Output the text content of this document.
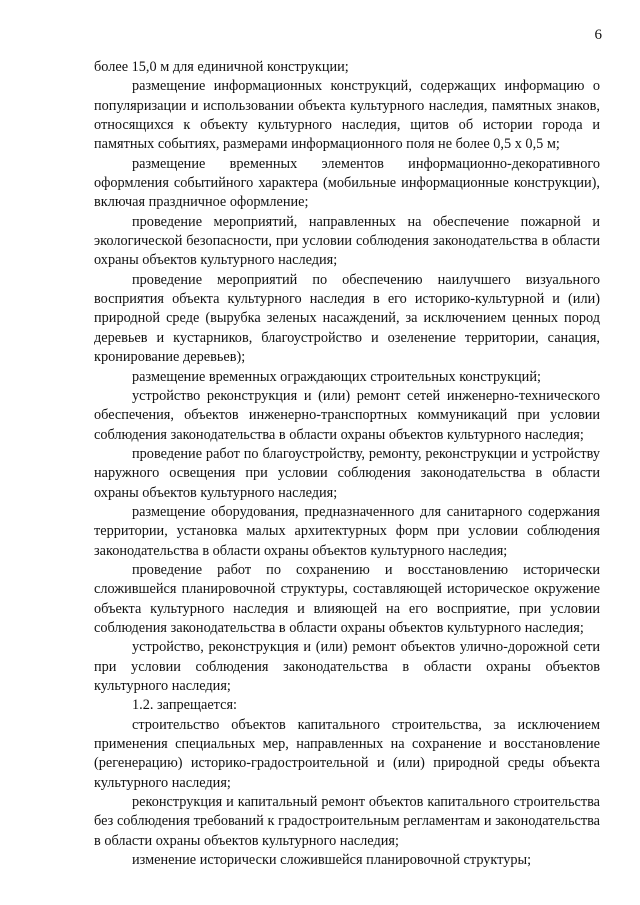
6

более 15,0 м для единичной конструкции;

размещение информационных конструкций, содержащих информацию о популяризации и использовании объекта культурного наследия, памятных знаков, относящихся к объекту культурного наследия, щитов об истории города и памятных событиях, размерами информационного поля не более 0,5 х 0,5 м;

размещение временных элементов информационно-декоративного оформления событийного характера (мобильные информационные конструкции), включая праздничное оформление;

проведение мероприятий, направленных на обеспечение пожарной и экологической безопасности, при условии соблюдения законодательства в области охраны объектов культурного наследия;

проведение мероприятий по обеспечению наилучшего визуального восприятия объекта культурного наследия в его историко-культурной и (или) природной среде (вырубка зеленых насаждений, за исключением ценных пород деревьев и кустарников, благоустройство и озеленение территории, санация, кронирование деревьев);

размещение временных ограждающих строительных конструкций;

устройство реконструкция и (или) ремонт сетей инженерно-технического обеспечения, объектов инженерно-транспортных коммуникаций при условии соблюдения законодательства в области охраны объектов культурного наследия;

проведение работ по благоустройству, ремонту, реконструкции и устройству наружного освещения при условии соблюдения законодательства в области охраны объектов культурного наследия;

размещение оборудования, предназначенного для санитарного содержания территории, установка малых архитектурных форм при условии соблюдения законодательства в области охраны объектов культурного наследия;

проведение работ по сохранению и восстановлению исторически сложившейся планировочной структуры, составляющей историческое окружение объекта культурного наследия и влияющей на его восприятие, при условии соблюдения законодательства в области охраны объектов культурного наследия;

устройство, реконструкция и (или) ремонт объектов улично-дорожной сети при условии соблюдения законодательства в области охраны объектов культурного наследия;

1.2. запрещается:

строительство объектов капитального строительства, за исключением применения специальных мер, направленных на сохранение и восстановление (регенерацию) историко-градостроительной и (или) природной среды объекта культурного наследия;

реконструкция и капитальный ремонт объектов капитального строительства без соблюдения требований к градостроительным регламентам и законодательства в области охраны объектов культурного наследия;

изменение исторически сложившейся планировочной структуры;
